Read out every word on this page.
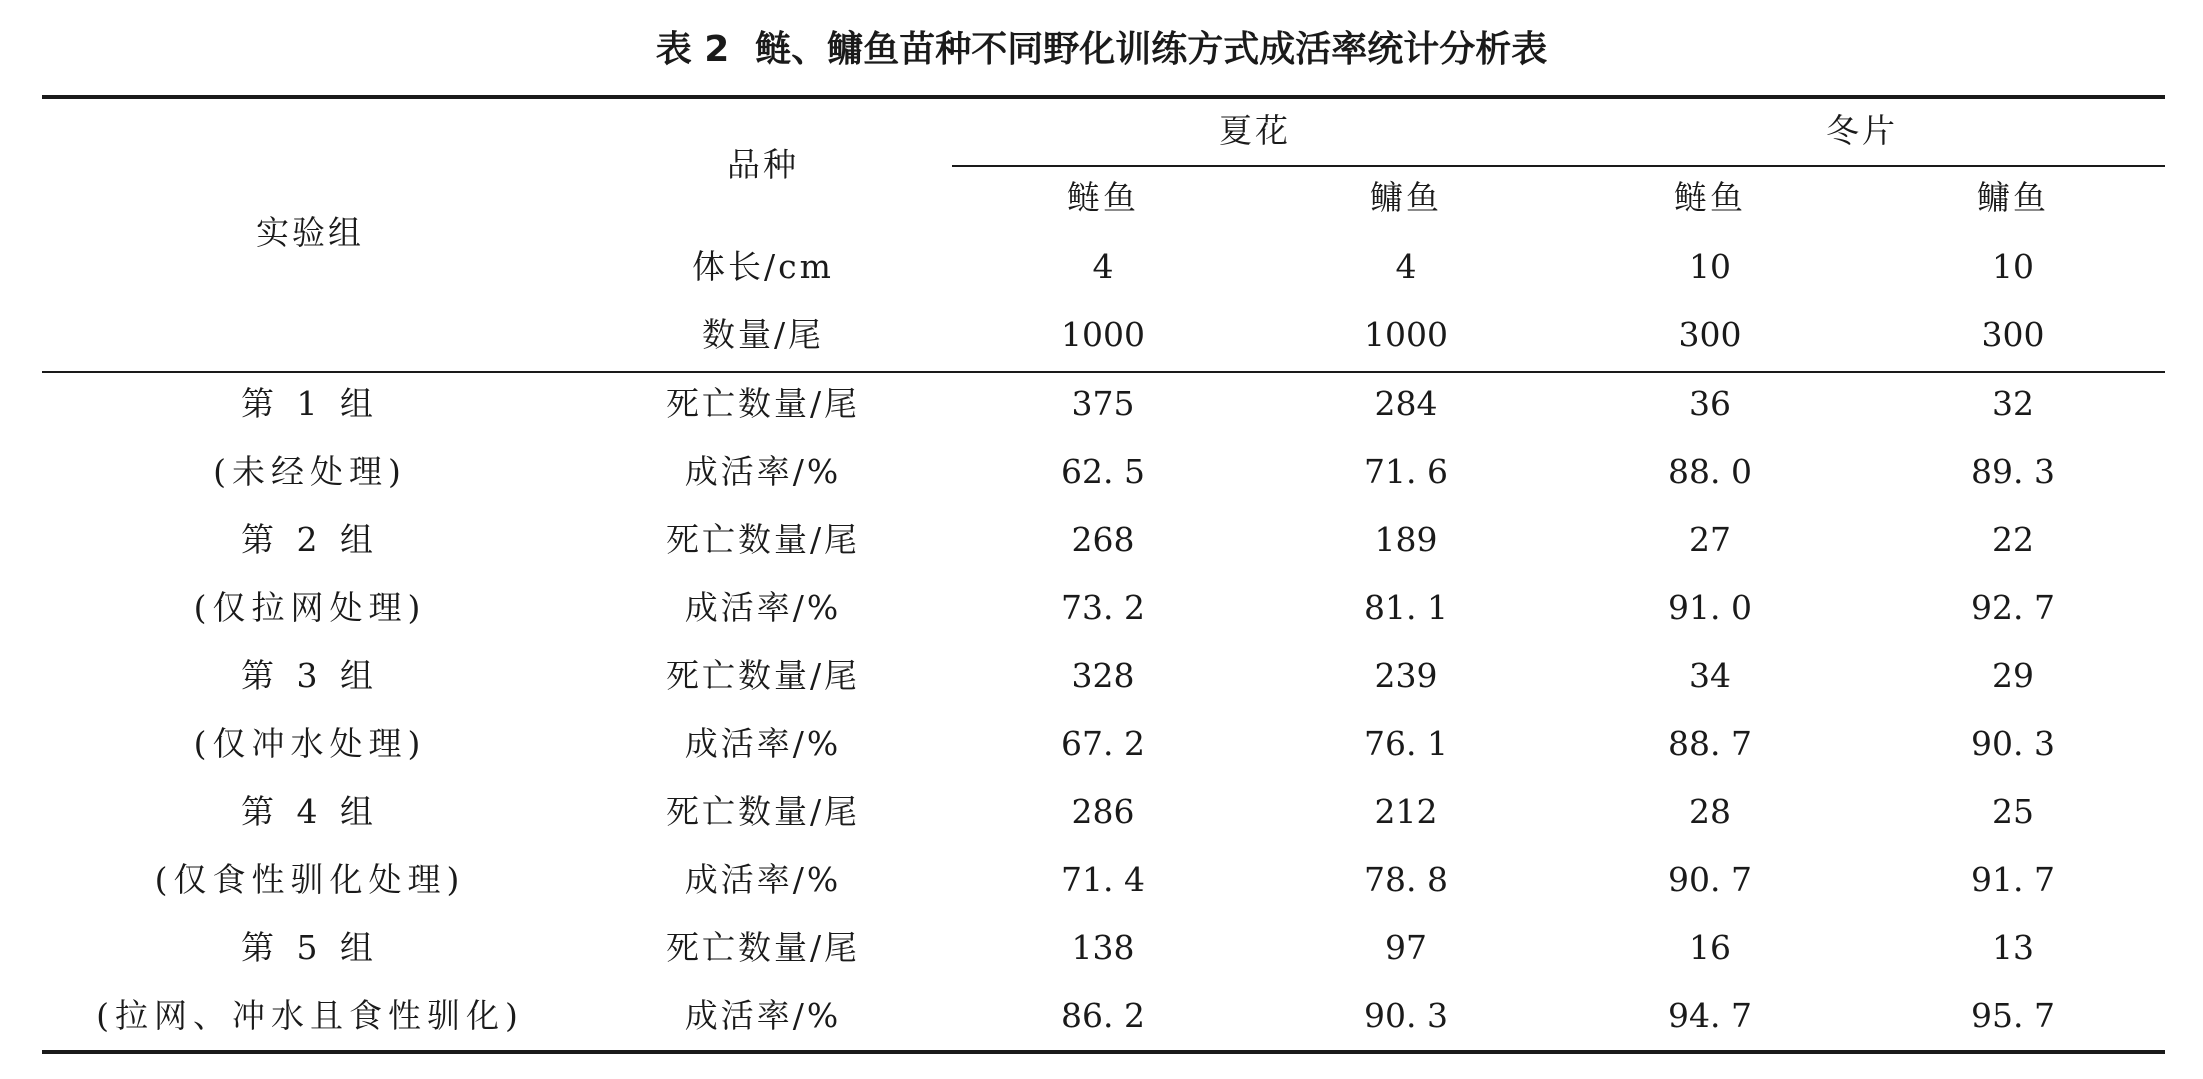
表 2 鲢、鳙鱼苗种不同野化训练方式成活率统计分析表
实验组
品种
夏花	冬片
鲢鱼	鳙鱼	鲢鱼	鳙鱼
体长/cm	4	4	10	10
数量/尾	1000	1000	300	300
第 1 组	死亡数量/尾	375	284	36	32
(未经处理)	成活率/%	62. 5	71. 6	88. 0	89. 3
第 2 组	死亡数量/尾	268	189	27	22
(仅拉网处理)	成活率/%	73. 2	81. 1	91. 0	92. 7
第 3 组	死亡数量/尾	328	239	34	29
(仅冲水处理)	成活率/%	67. 2	76. 1	88. 7	90. 3
第 4 组	死亡数量/尾	286	212	28	25
(仅食性驯化处理)	成活率/%	71. 4	78. 8	90. 7	91. 7
第 5 组	死亡数量/尾	138	97	16	13
(拉网、冲水且食性驯化)	成活率/%	86. 2	90. 3	94. 7	95. 7
